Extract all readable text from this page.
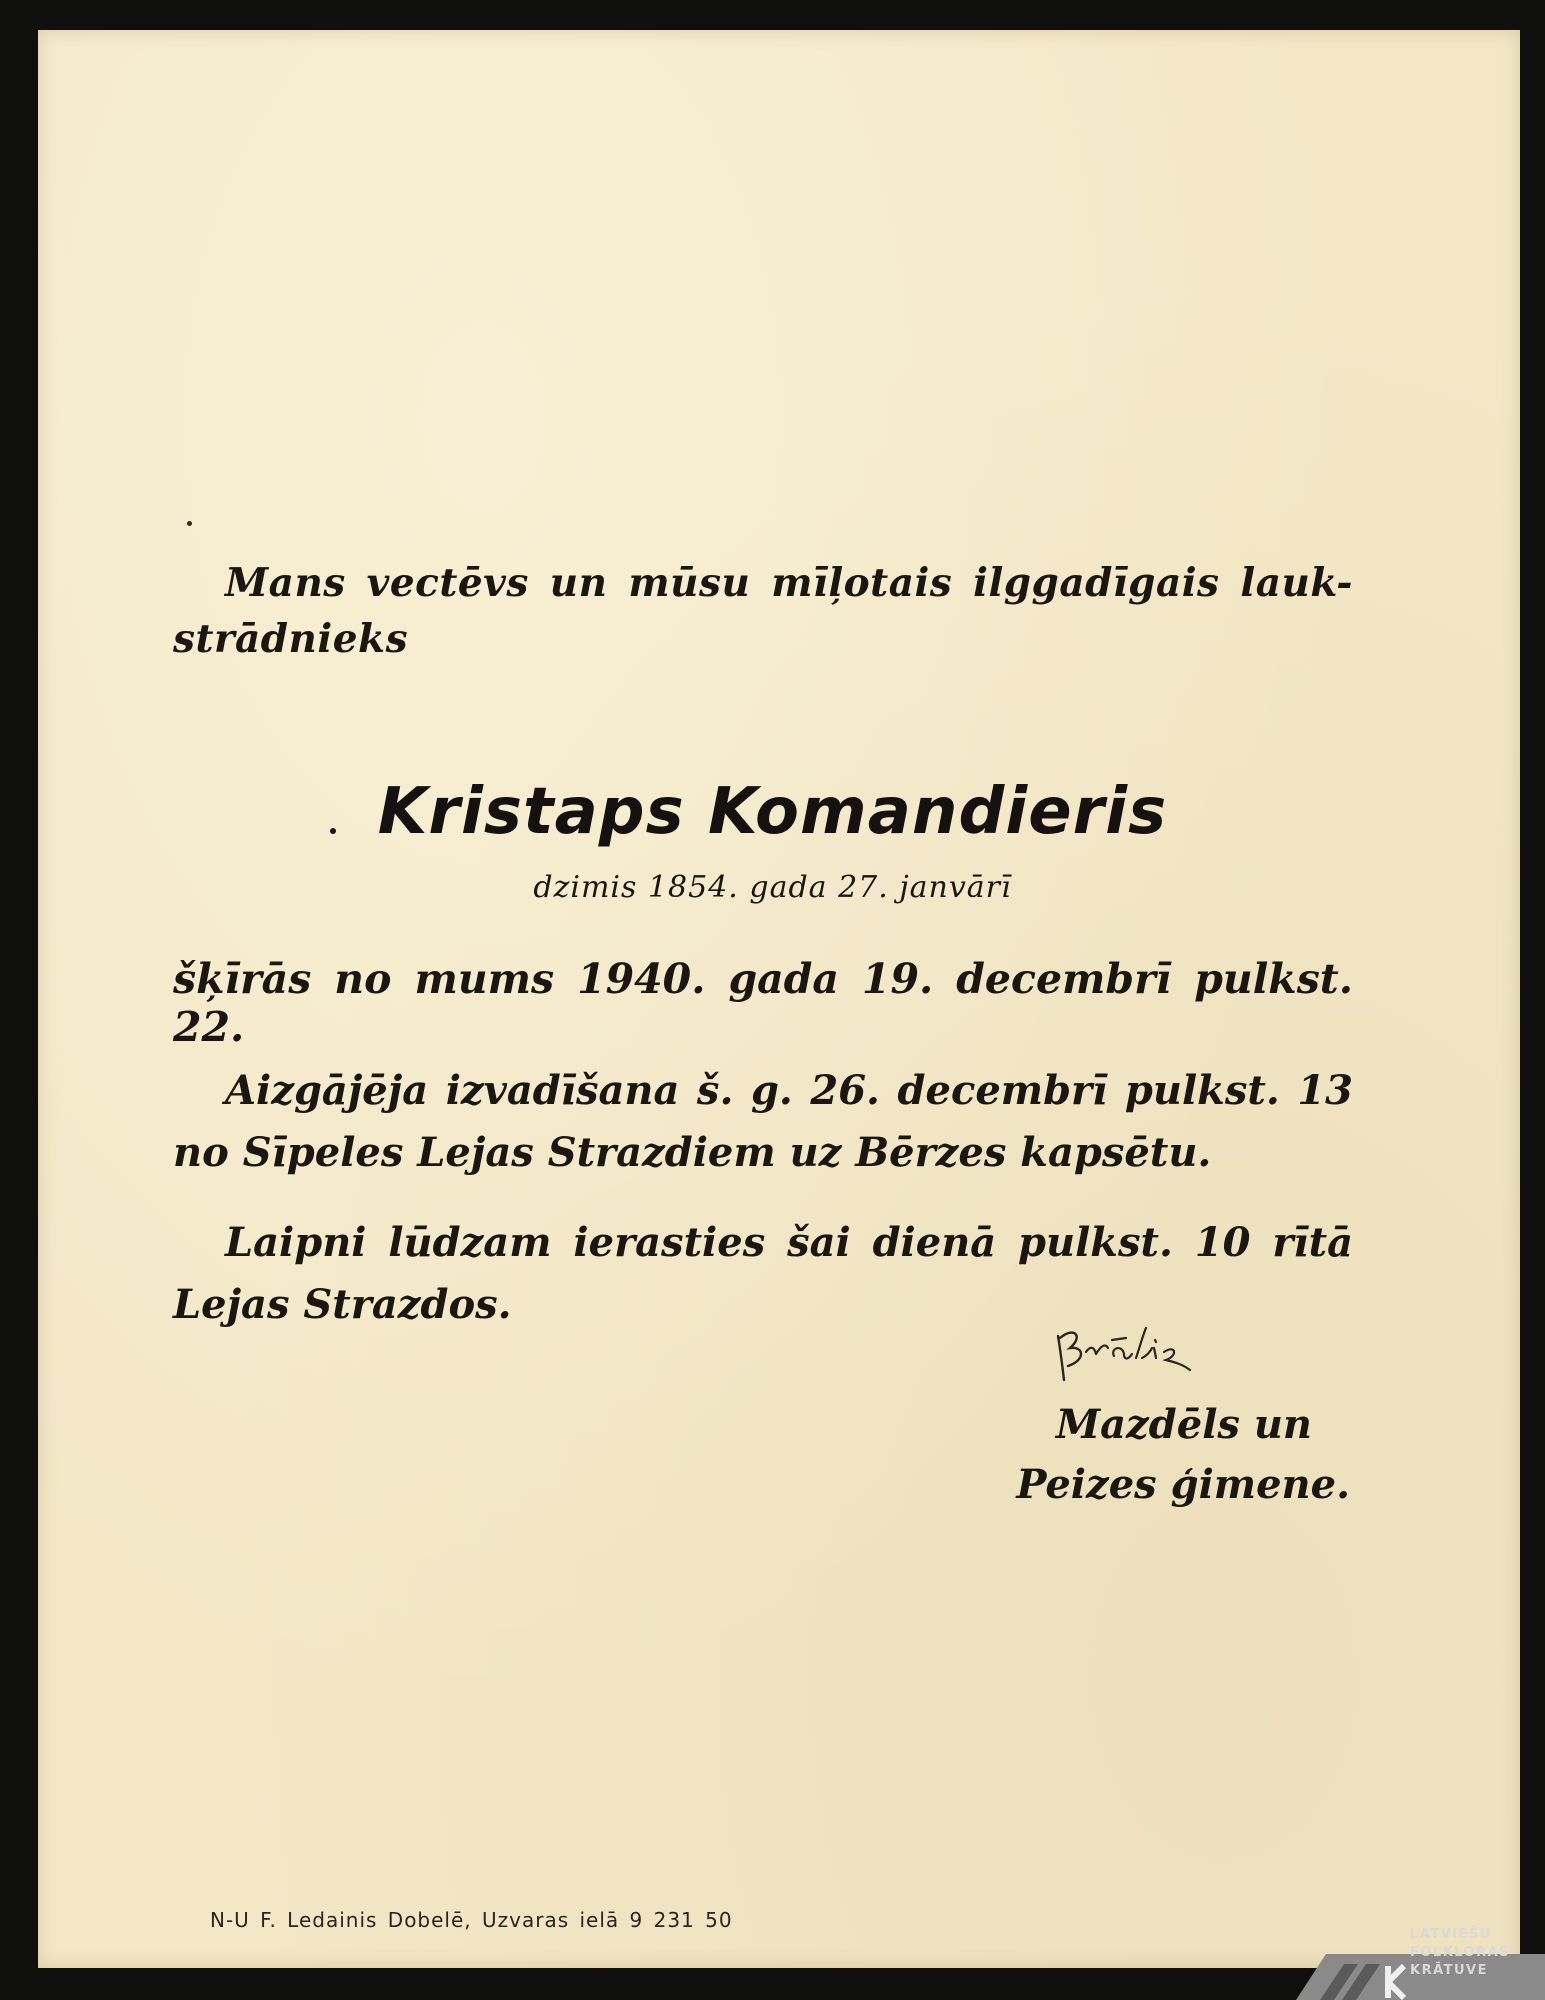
Mans vectēvs un mūsu mīļotais ilggadīgais lauk-
strādnieks
Kristaps Komandieris
dzimis 1854. gada 27. janvārī
šķīrās no mums 1940. gada 19. decembrī pulkst. 22.
Aizgājēja izvadīšana š. g. 26. decembrī pulkst. 13
no Sīpeles Lejas Strazdiem uz Bērzes kapsētu.
Laipni lūdzam ierasties šai dienā pulkst. 10 rītā
Lejas Strazdos.
Mazdēls un
Peizes ģimene.
N-U F. Ledainis Dobelē, Uzvaras ielā 9 231 50
LATVIEŠU
FOLKLORAS
KRĀTUVE
